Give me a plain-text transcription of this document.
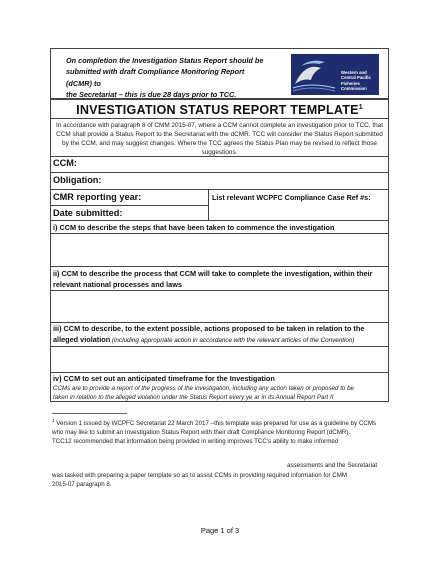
On completion the Investigation Status Report should be
submitted with draft Compliance Monitoring Report (dCMR) to
the Secretariat – this is due 28 days prior to TCC.
Western and
Central Pacific
Fisheries
Commission
INVESTIGATION STATUS REPORT TEMPLATE$^1$
In accordance with paragraph 8 of CMM 2015-07, where a CCM cannot complete an investigation prior to TCC, that CCM shall provide a Status Report to the Secretariat with the dCMR. TCC will consider the Status Report submitted by the CCM, and may suggest changes. Where the TCC agrees the Status Plan may be revised to reflect those suggestions.
CCM:
Obligation:
CMR reporting year:	List relevant WCPFC Compliance Case Ref #s:
Date submitted:
i) CCM to describe the steps that have been taken to commence the investigation
ii) CCM to describe the process that CCM will take to complete the investigation, within their
relevant national processes and laws
iii) CCM to describe, to the extent possible, actions proposed to be taken in relation to the
alleged violation (including appropriate action in accordance with the relevant articles of the Convention)
iv) CCM to set out an anticipated timeframe for the Investigation
CCMs are to provide a report of the progress of the investigation, including any action taken or proposed to be
taken in relation to the alleged violation under the Status Report every ye ar in its Annual Report Part II
$^1$ Version 1 issued by WCPFC Secretariat 22 March 2017 –this template was prepared for use as a guideline by CCMs
who may like to submit an Investigation Status Report with their draft Compliance Monitoring Report (dCMR).
TCC12 recommended that information being provided in writing improves TCC’s ability to make informed
assessments and the Secretariat
was tasked with preparing a paper template so as to assist CCMs in providing required information for CMM
2015-07 paragraph 8.
Page 1 of 3
